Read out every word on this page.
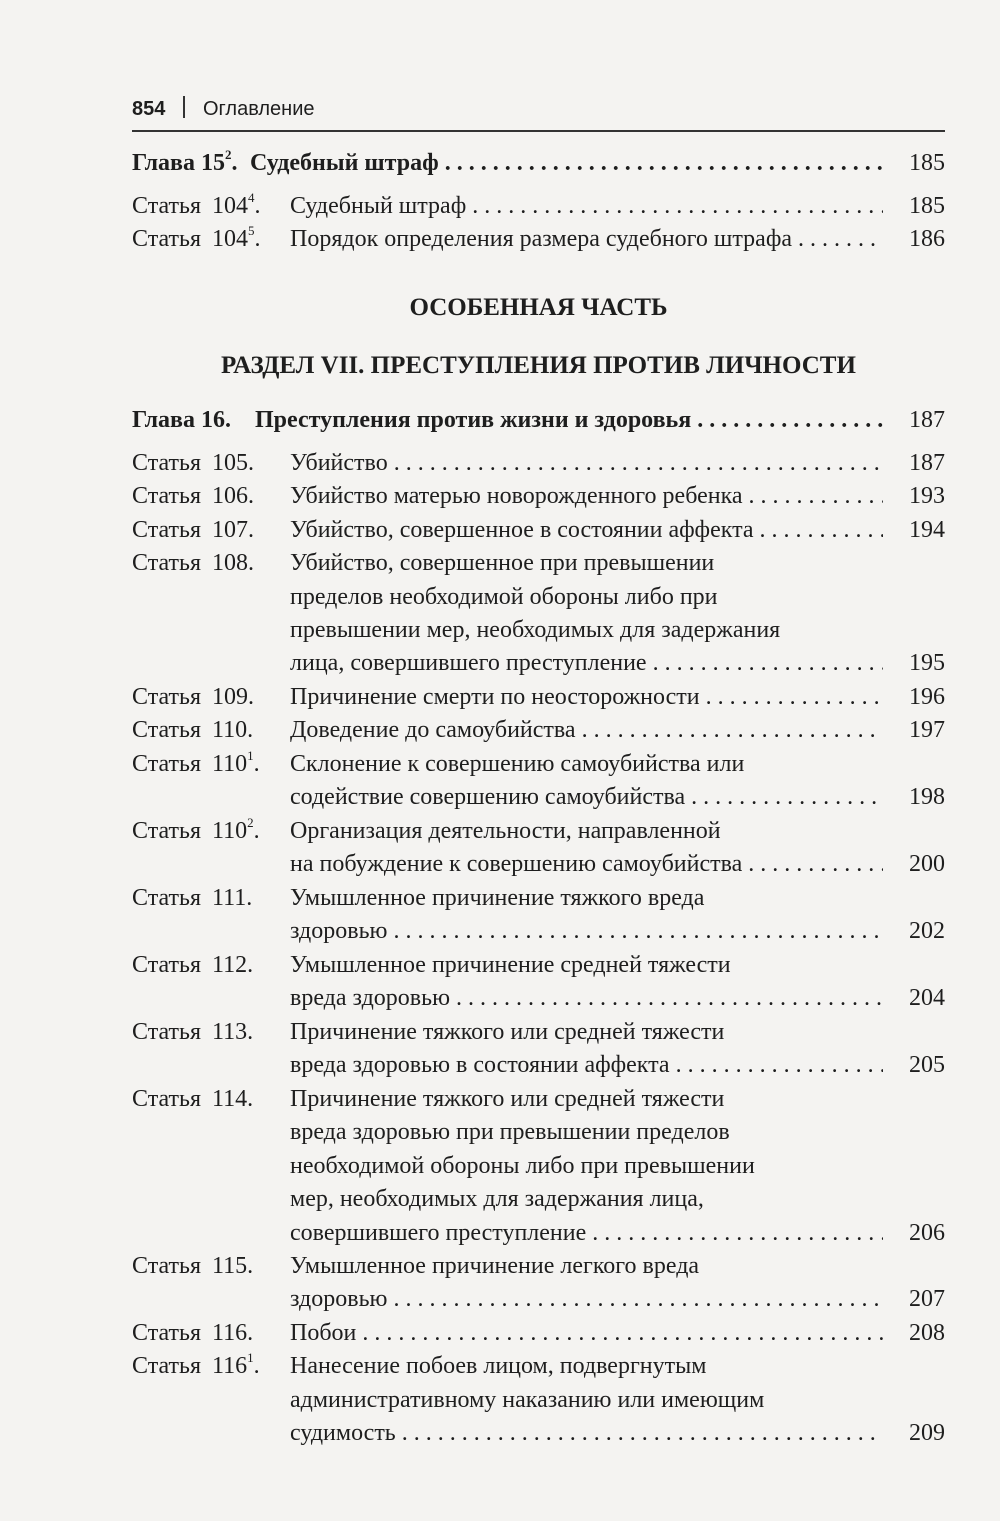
854 Оглавление
Глава $15^2$. Судебный штраф . . .	185
Статья $104^4$. Судебный штраф . . .	185
Статья $104^5$. Порядок определения размера судебного штрафа . . .	186
ОСОБЕННАЯ ЧАСТЬ
РАЗДЕЛ VII. ПРЕСТУПЛЕНИЯ ПРОТИВ ЛИЧНОСТИ
Глава 16. Преступления против жизни и здоровья . . .	187
Статья 105. Убийство . . .	187
Статья 106. Убийство матерью новорожденного ребенка . . .	193
Статья 107. Убийство, совершенное в состоянии аффекта . . .	194
Статья 108. Убийство, совершенное при превышении
пределов необходимой обороны либо при
превышении мер, необходимых для задержания
лица, совершившего преступление . . .	195
Статья 109. Причинение смерти по неосторожности . . .	196
Статья 110. Доведение до самоубийства . . .	197
Статья $110^1$. Склонение к совершению самоубийства или
содействие совершению самоубийства . . .	198
Статья $110^2$. Организация деятельности, направленной
на побуждение к совершению самоубийства . . .	200
Статья 111. Умышленное причинение тяжкого вреда
здоровью . . .	202
Статья 112. Умышленное причинение средней тяжести
вреда здоровью . . .	204
Статья 113. Причинение тяжкого или средней тяжести
вреда здоровью в состоянии аффекта . . .	205
Статья 114. Причинение тяжкого или средней тяжести
вреда здоровью при превышении пределов
необходимой обороны либо при превышении
мер, необходимых для задержания лица,
совершившего преступление . . .	206
Статья 115. Умышленное причинение легкого вреда
здоровью . . .	207
Статья 116. Побои . . .	208
Статья $116^1$. Нанесение побоев лицом, подвергнутым
административному наказанию или имеющим
судимость . . .	209
